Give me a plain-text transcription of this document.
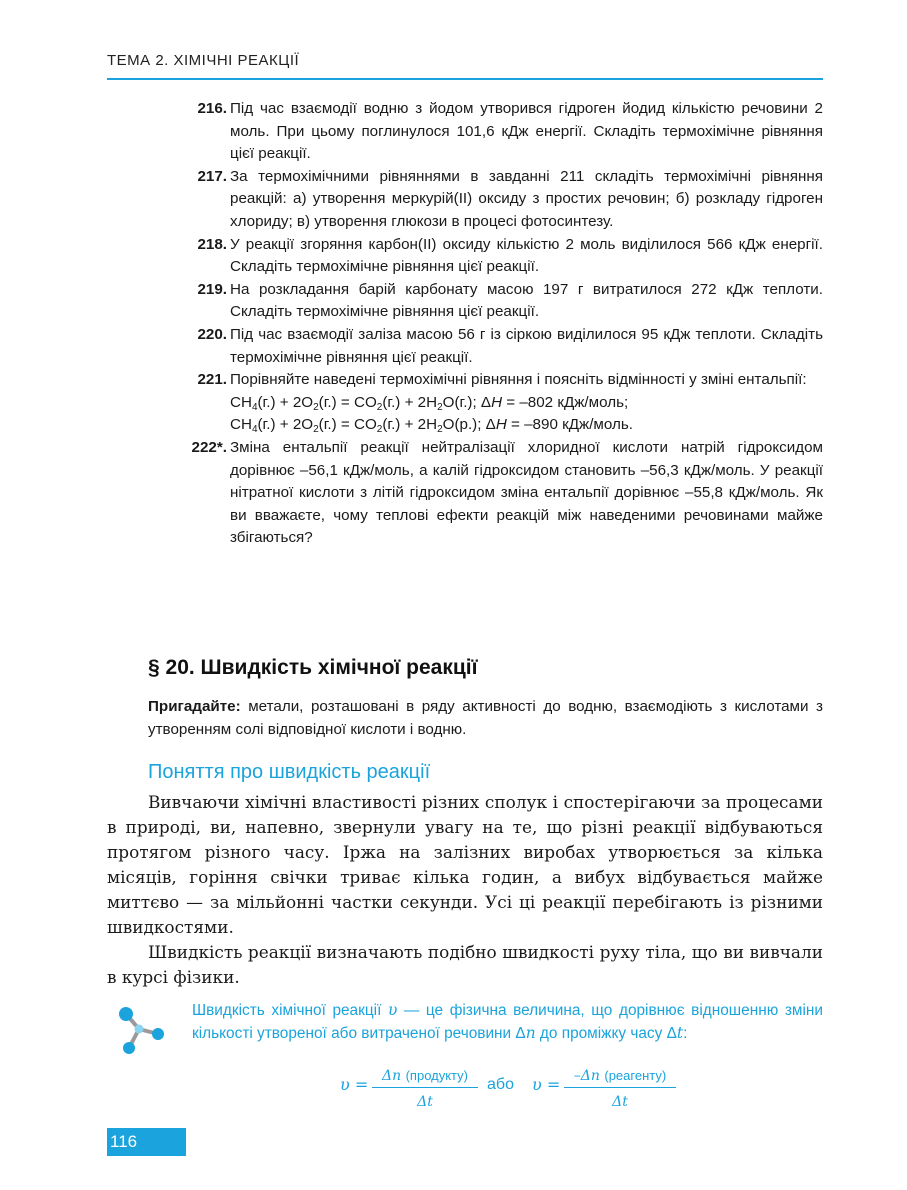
ТЕМА 2. ХІМІЧНІ РЕАКЦІЇ
216. Під час взаємодії водню з йодом утворився гідроген йодид кількістю речовини 2 моль. При цьому поглинулося 101,6 кДж енергії. Складіть термохімічне рівняння цієї реакції.
217. За термохімічними рівняннями в завданні 211 складіть термохімічні рівняння реакцій: а) утворення меркурій(ІІ) оксиду з простих речовин; б) розкладу гідроген хлориду; в) утворення глюкози в процесі фотосинтезу.
218. У реакції згоряння карбон(ІІ) оксиду кількістю 2 моль виділилося 566 кДж енергії. Складіть термохімічне рівняння цієї реакції.
219. На розкладання барій карбонату масою 197 г витратилося 272 кДж теплоти. Складіть термохімічне рівняння цієї реакції.
220. Під час взаємодії заліза масою 56 г із сіркою виділилося 95 кДж теплоти. Складіть термохімічне рівняння цієї реакції.
221. Порівняйте наведені термохімічні рівняння і поясніть відмінності у зміні ентальпії:
$CH_4(г.) + 2O_2(г.) = CO_2(г.) + 2H_2O(г.)$; ΔH = –802 кДж/моль;
$CH_4(г.) + 2O_2(г.) = CO_2(г.) + 2H_2O(р.)$; ΔH = –890 кДж/моль.
222*. Зміна ентальпії реакції нейтралізації хлоридної кислоти натрій гідроксидом дорівнює –56,1 кДж/моль, а калій гідроксидом становить –56,3 кДж/моль. У реакції нітратної кислоти з літій гідроксидом зміна ентальпії дорівнює –55,8 кДж/моль. Як ви вважаєте, чому теплові ефекти реакцій між наведеними речовинами майже збігаються?
§ 20. Швидкість хімічної реакції
Пригадайте: метали, розташовані в ряду активності до водню, взаємодіють з кислотами з утворенням солі відповідної кислоти і водню.
Поняття про швидкість реакції

Вивчаючи хімічні властивості різних сполук і спостерігаючи за процесами в природі, ви, напевно, звернули увагу на те, що різні реакції відбуваються протягом різного часу. Іржа на залізних виробах утворюється за кілька місяців, горіння свічки триває кілька годин, а вибух відбувається майже миттєво — за мільйонні частки секунди. Усі ці реакції перебігають із різними швидкостями.

Швидкість реакції визначають подібно швидкості руху тіла, що ви вивчали в курсі фізики.

Швидкість хімічної реакції υ — це фізична величина, що дорівнює відношенню зміни кількості утвореної або витраченої речовини Δn до проміжку часу Δt:
υ = Δn (продукту)
Δt
або υ = –Δn (реагенту)
Δt
116
